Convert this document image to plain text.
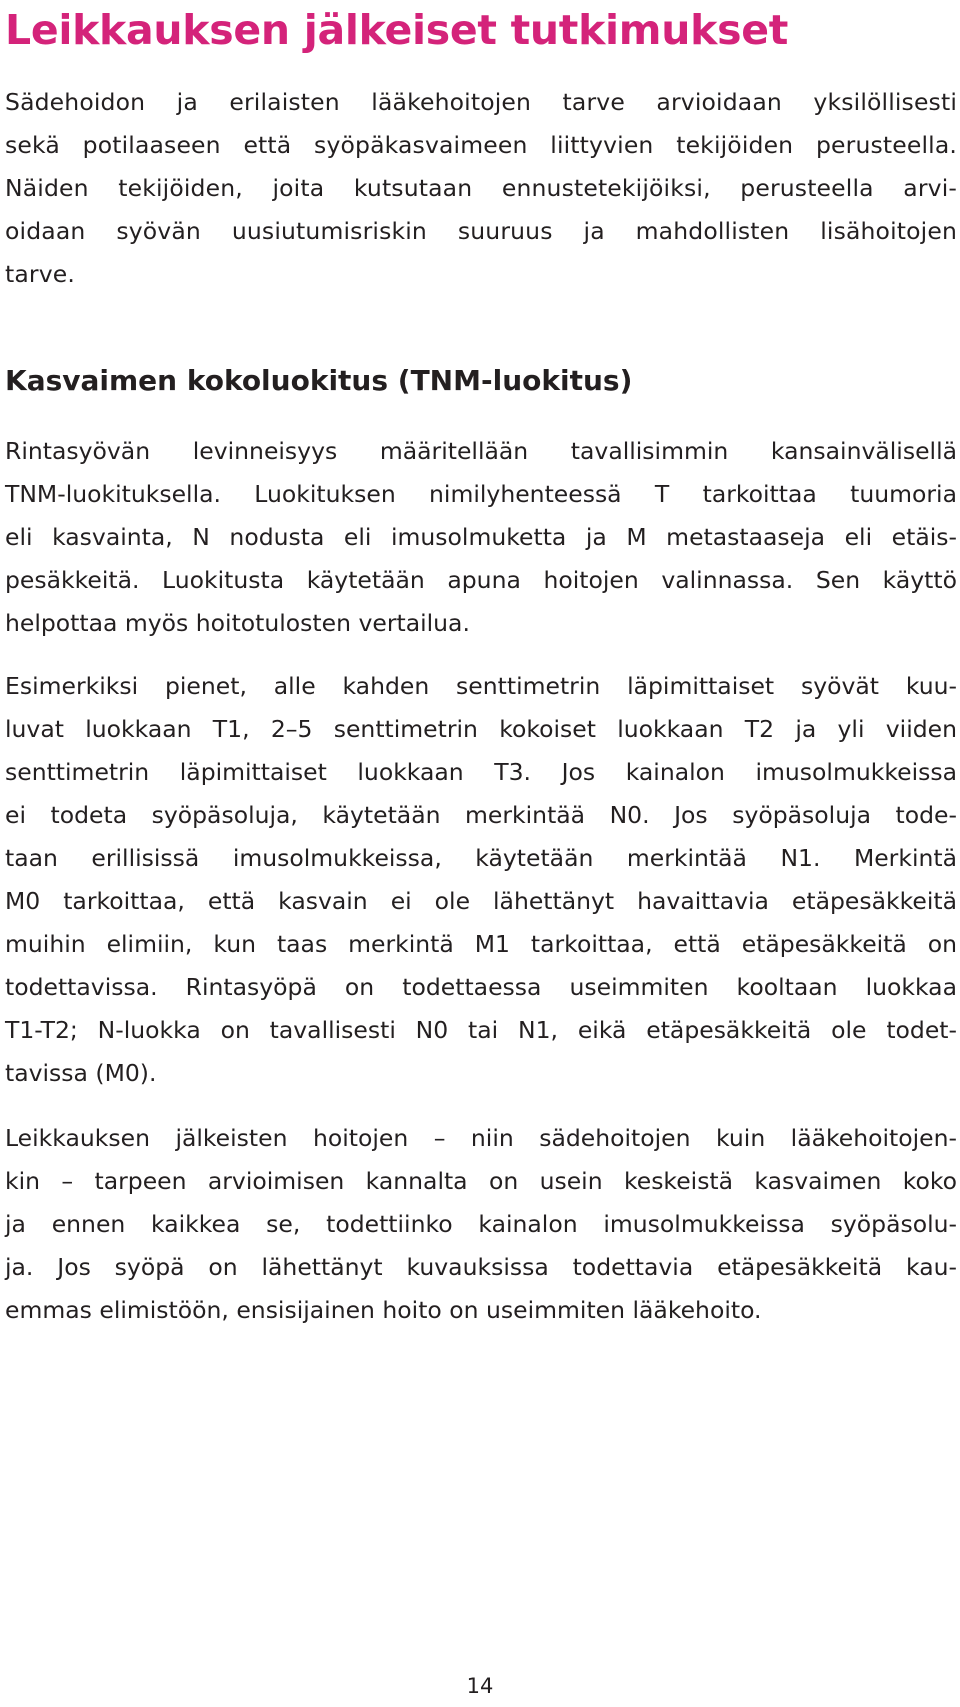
Leikkauksen jälkeiset tutkimukset

Sädehoidon ja erilaisten lääkehoitojen tarve arvioidaan yksilöllisesti
sekä potilaaseen että syöpäkasvaimeen liittyvien tekijöiden perusteella.
Näiden tekijöiden, joita kutsutaan ennustetekijöiksi, perusteella arvi-
oidaan syövän uusiutumisriskin suuruus ja mahdollisten lisähoitojen
tarve.

Kasvaimen kokoluokitus (TNM-luokitus)

Rintasyövän levinneisyys määritellään tavallisimmin kansainvälisellä
TNM-luokituksella. Luokituksen nimilyhenteessä T tarkoittaa tuumoria
eli kasvainta, N nodusta eli imusolmuketta ja M metastaaseja eli etäis-
pesäkkeitä. Luokitusta käytetään apuna hoitojen valinnassa. Sen käyttö
helpottaa myös hoitotulosten vertailua.

Esimerkiksi pienet, alle kahden senttimetrin läpimittaiset syövät kuu-
luvat luokkaan T1, 2–5 senttimetrin kokoiset luokkaan T2 ja yli viiden
senttimetrin läpimittaiset luokkaan T3. Jos kainalon imusolmukkeissa
ei todeta syöpäsoluja, käytetään merkintää N0. Jos syöpäsoluja tode-
taan erillisissä imusolmukkeissa, käytetään merkintää N1. Merkintä
M0 tarkoittaa, että kasvain ei ole lähettänyt havaittavia etäpesäkkeitä
muihin elimiin, kun taas merkintä M1 tarkoittaa, että etäpesäkkeitä on
todettavissa. Rintasyöpä on todettaessa useimmiten kooltaan luokkaa
T1-T2; N-luokka on tavallisesti N0 tai N1, eikä etäpesäkkeitä ole todet-
tavissa (M0).

Leikkauksen jälkeisten hoitojen – niin sädehoitojen kuin lääkehoitojen-
kin – tarpeen arvioimisen kannalta on usein keskeistä kasvaimen koko
ja ennen kaikkea se, todettiinko kainalon imusolmukkeissa syöpäsolu-
ja. Jos syöpä on lähettänyt kuvauksissa todettavia etäpesäkkeitä kau-
emmas elimistöön, ensisijainen hoito on useimmiten lääkehoito.

14
